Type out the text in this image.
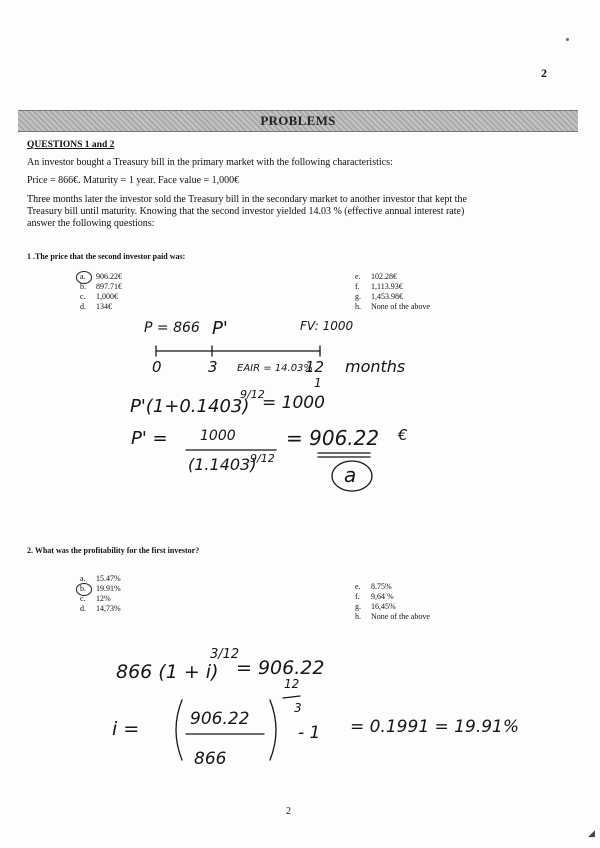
2
PROBLEMS
QUESTIONS 1 and 2
An investor bought a Treasury bill in the primary market with the following characteristics:
Price = 866€. Maturity = 1 year. Face value = 1,000€
Three months later the investor sold the Treasury bill in the secondary market to another investor that kept the
Treasury bill until maturity. Knowing that the second investor yielded 14.03 % (effective annual interest rate)
answer the following questions:
1 .The price that the second investor paid was:
a. 906.22€
b. 897.71€
c. 1,000€
d. 134€
e. 102.28€
f. 1,113.93€
g. 1,453.98€
h. None of the above
P = 866 P'	FV: 1000
0	3 EAIR = 14.03%
12 months
1
P'(1+0.1403)
9/12
= 1000
P' = 1000
(1.1403)
9/12
= 906.22 €
a
2. What was the profitability for the first investor?
a. 15.47%
b. 19.91%
c. 12%
d. 14,73%
e. 8.75%
f. 9,64 %
g. 16,45%
h. None of the above
866 (1 + i)
3/12
= 906.22
i =	906.22
866
12
3
- 1 = 0.1991 = 19.91%
2
◢
